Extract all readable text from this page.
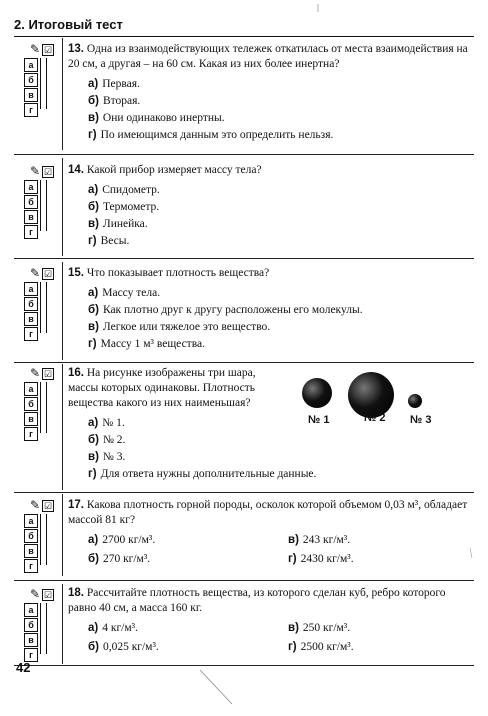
2. Итоговый тест
✎ ☑
а
б
в
г
✎ ☑
а
б
в
г
✎ ☑
а
б
в
г
✎ ☑
а
б
в
г
✎ ☑
а
б
в
г
✎ ☑
а
б
в
г
13. Одна из взаимодействующих тележек откатилась от места взаимодействия на 20 см, а другая – на 60 см. Какая из них более инертна?
а) Первая.
б) Вторая.
в) Они одинаково инертны.
г) По имеющимся данным это определить нельзя.
14. Какой прибор измеряет массу тела?
а) Спидометр.
б) Термометр.
в) Линейка.
г) Весы.
15. Что показывает плотность вещества?
а) Массу тела.
б) Как плотно друг к другу расположены его молекулы.
в) Легкое или тяжелое это вещество.
г) Массу 1 м³ вещества.
16. На рисунке изображены три шара, массы которых одинаковы. Плотность вещества какого из них наименьшая?
а) № 1.
б) № 2.
в) № 3.
г) Для ответа нужны дополнительные данные.
№ 1	№ 2 № 3
17. Какова плотность горной породы, осколок которой объемом 0,03 м³, обладает массой 81 кг?
а) 2700 кг/м³.	в) 243 кг/м³.
б) 270 кг/м³.	г) 2430 кг/м³.
18. Рассчитайте плотность вещества, из которого сделан куб, ребро которого равно 40 см, а масса 160 кг.
а) 4 кг/м³.	в) 250 кг/м³.
б) 0,025 кг/м³.	г) 2500 кг/м³.
42
